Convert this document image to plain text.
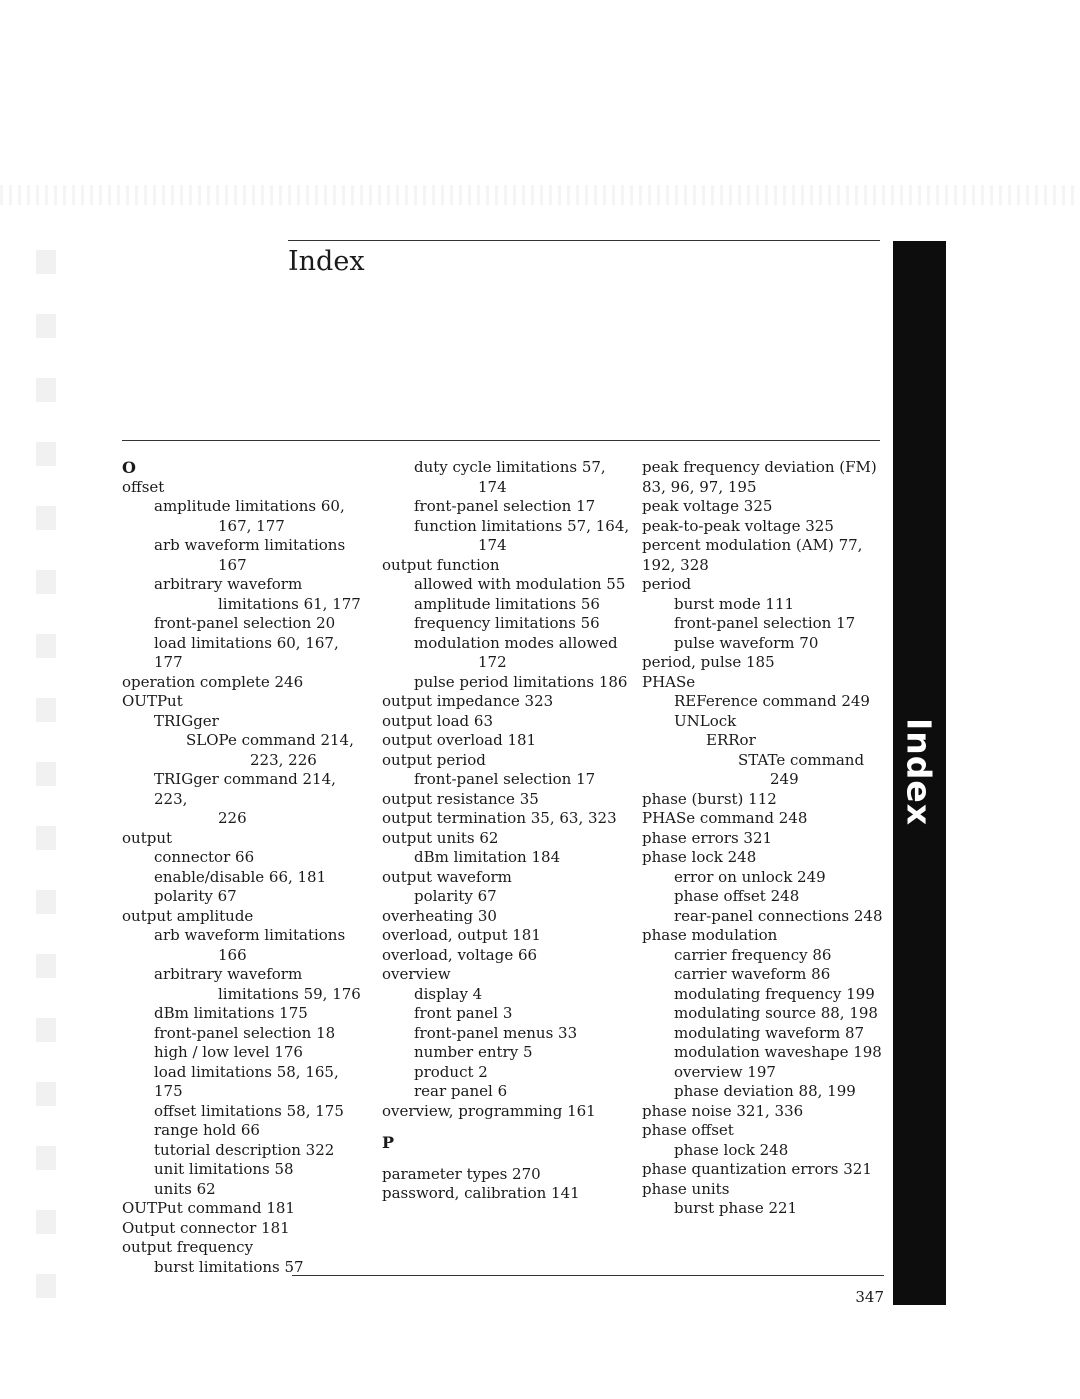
Index
Index
O
offset
amplitude limitations 60,
167, 177
arb waveform limitations
167
arbitrary waveform
limitations 61, 177
front-panel selection 20
load limitations 60, 167, 177
operation complete 246
OUTPut
TRIGger
SLOPe command 214,
223, 226
TRIGger command 214, 223,
226
output
connector 66
enable/disable 66, 181
polarity 67
output amplitude
arb waveform limitations
166
arbitrary waveform
limitations 59, 176
dBm limitations 175
front-panel selection 18
high / low level 176
load limitations 58, 165, 175
offset limitations 58, 175
range hold 66
tutorial description 322
unit limitations 58
units 62
OUTPut command 181
Output connector 181
output frequency
burst limitations 57
duty cycle limitations 57,
174
front-panel selection 17
function limitations 57, 164,
174
output function
allowed with modulation 55
amplitude limitations 56
frequency limitations 56
modulation modes allowed
172
pulse period limitations 186
output impedance 323
output load 63
output overload 181
output period
front-panel selection 17
output resistance 35
output termination 35, 63, 323
output units 62
dBm limitation 184
output waveform
polarity 67
overheating 30
overload, output 181
overload, voltage 66
overview
display 4
front panel 3
front-panel menus 33
number entry 5
product 2
rear panel 6
overview, programming 161
P
parameter types 270
password, calibration 141
peak frequency deviation (FM)
83, 96, 97, 195
peak voltage 325
peak-to-peak voltage 325
percent modulation (AM) 77,
192, 328
period
burst mode 111
front-panel selection 17
pulse waveform 70
period, pulse 185
PHASe
REFerence command 249
UNLock
ERRor
STATe command
249
phase (burst) 112
PHASe command 248
phase errors 321
phase lock 248
error on unlock 249
phase offset 248
rear-panel connections 248
phase modulation
carrier frequency 86
carrier waveform 86
modulating frequency 199
modulating source 88, 198
modulating waveform 87
modulation waveshape 198
overview 197
phase deviation 88, 199
phase noise 321, 336
phase offset
phase lock 248
phase quantization errors 321
phase units
burst phase 221
347
